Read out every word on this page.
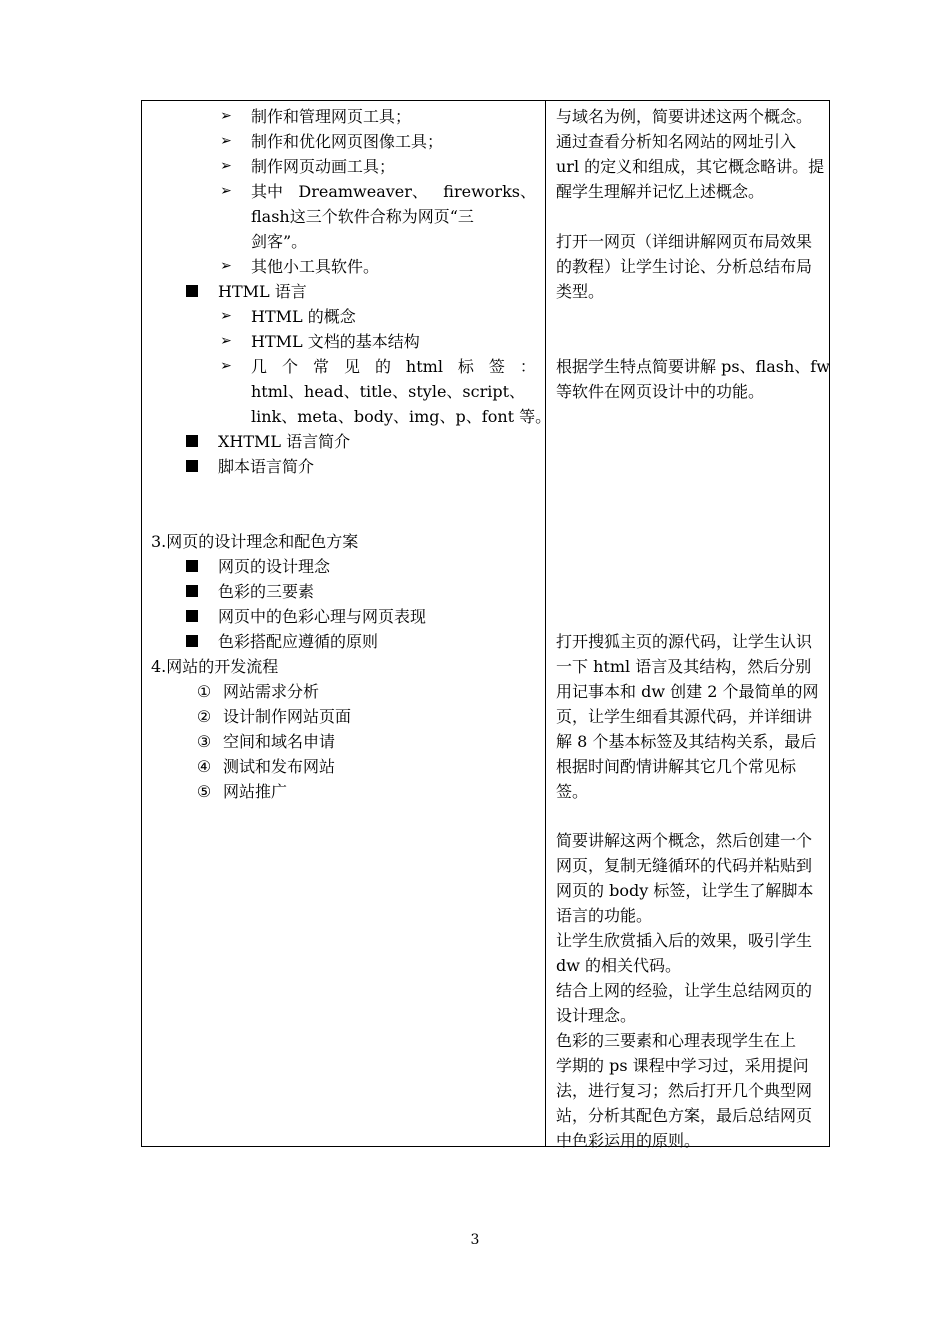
➢ 制作和管理网页工具；
➢ 制作和优化网页图像工具；
➢ 制作网页动画工具；
➢ 其中 Dreamweaver、 fireworks、
flash这三个软件合称为网页“三
剑客”。
➢ 其他小工具软件。
HTML 语言
➢ HTML 的概念
➢ HTML 文档的基本结构
➢ 几 个 常 见 的 html 标 签 ：
html、head、title、style、script、
link、meta、body、img、p、font 等。
XHTML 语言简介
脚本语言简介
3.网页的设计理念和配色方案
网页的设计理念
色彩的三要素
网页中的色彩心理与网页表现
色彩搭配应遵循的原则
4.网站的开发流程
① 网站需求分析
② 设计制作网站页面
③ 空间和域名申请
④ 测试和发布网站
⑤ 网站推广
与域名为例，简要讲述这两个概念。
通过查看分析知名网站的网址引入
url 的定义和组成，其它概念略讲。提
醒学生理解并记忆上述概念。
打开一网页（详细讲解网页布局效果
的教程）让学生讨论、分析总结布局
类型。
根据学生特点简要讲解 ps、flash、fw
等软件在网页设计中的功能。
打开搜狐主页的源代码，让学生认识
一下 html 语言及其结构，然后分别
用记事本和 dw 创建 2 个最简单的网
页，让学生细看其源代码，并详细讲
解 8 个基本标签及其结构关系，最后
根据时间酌情讲解其它几个常见标
签。
简要讲解这两个概念，然后创建一个
网页，复制无缝循环的代码并粘贴到
网页的 body 标签，让学生了解脚本
语言的功能。
让学生欣赏插入后的效果，吸引学生
dw 的相关代码。
结合上网的经验，让学生总结网页的
设计理念。
色彩的三要素和心理表现学生在上
学期的 ps 课程中学习过，采用提问
法，进行复习；然后打开几个典型网
站，分析其配色方案，最后总结网页
中色彩运用的原则。
3
